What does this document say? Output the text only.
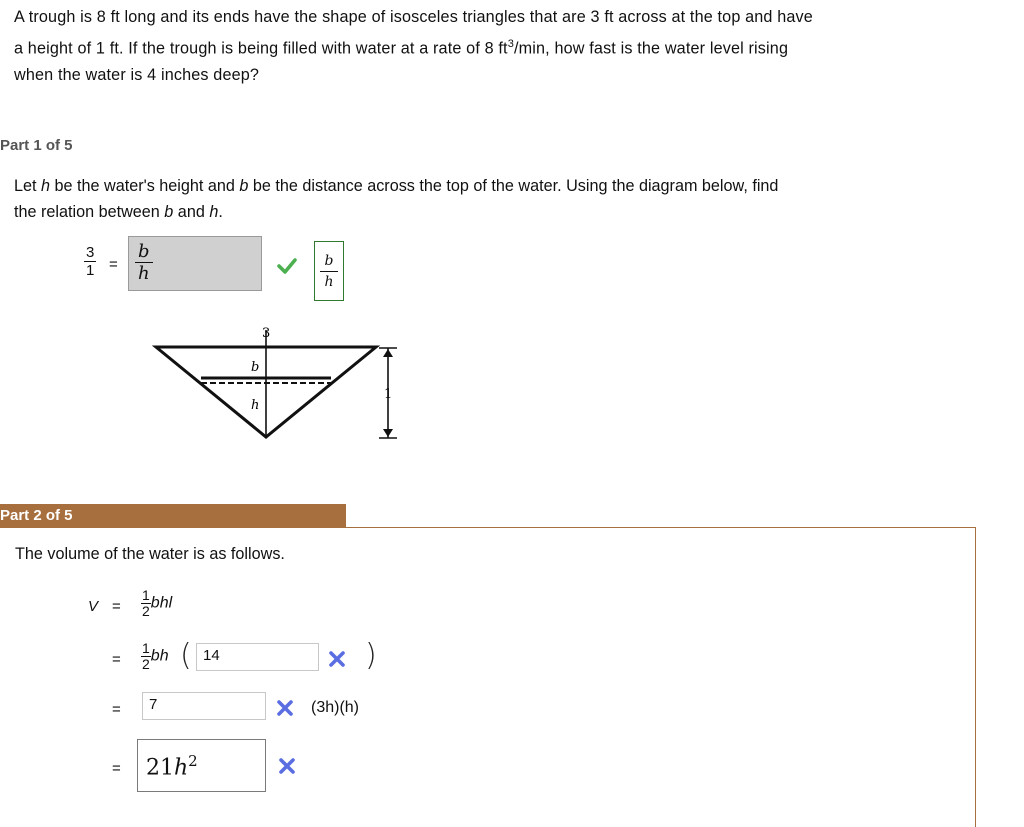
A trough is 8 ft long and its ends have the shape of isosceles triangles that are 3 ft across at the top and have
a height of 1 ft. If the trough is being filled with water at a rate of 8 $ft^3/\min$, how fast is the water level rising
when the water is 4 inches deep?
Part 1 of 5
Let h be the water's height and b be the distance across the top of the water. Using the diagram below, find
the relation between b and h.
$\frac{3}{1}$ =
b
h	$\frac{b}{h}$
3
b
h
1
Part 2 of 5
The volume of the water is as follows.
$V = \frac{1}{2}$ bhl
= $\frac{1}{2}$ bh ( 14	)
=	7	(3h)(h)
=	$21h^2$
